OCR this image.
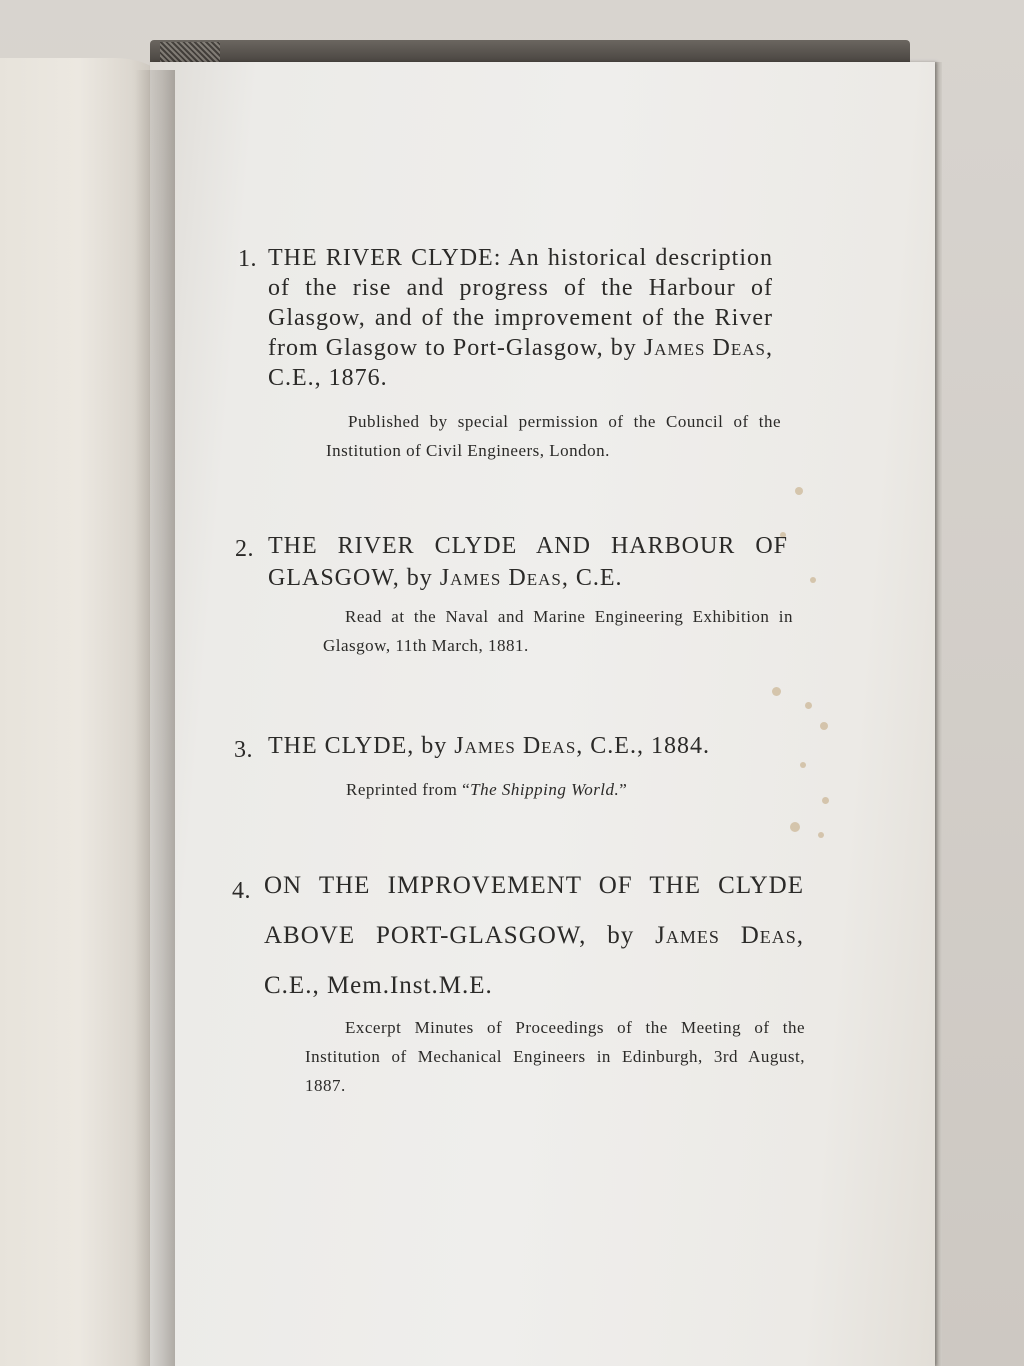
1. THE RIVER CLYDE: An historical description of the rise and progress of the Harbour of Glasgow, and of the improvement of the River from Glasgow to Port-Glasgow, by James Deas, C.E., 1876.
Published by special permission of the Council of the Institution of Civil Engineers, London.
2. THE RIVER CLYDE AND HARBOUR OF GLASGOW, by James Deas, C.E.
Read at the Naval and Marine Engineering Exhibition in Glasgow, 11th March, 1881.
3. THE CLYDE, by James Deas, C.E., 1884.
Reprinted from “The Shipping World.”
4. ON THE IMPROVEMENT OF THE CLYDE ABOVE PORT-GLASGOW, by James Deas, C.E., Mem.Inst.M.E.
Excerpt Minutes of Proceedings of the Meeting of the Institution of Mechanical Engineers in Edinburgh, 3rd August, 1887.
